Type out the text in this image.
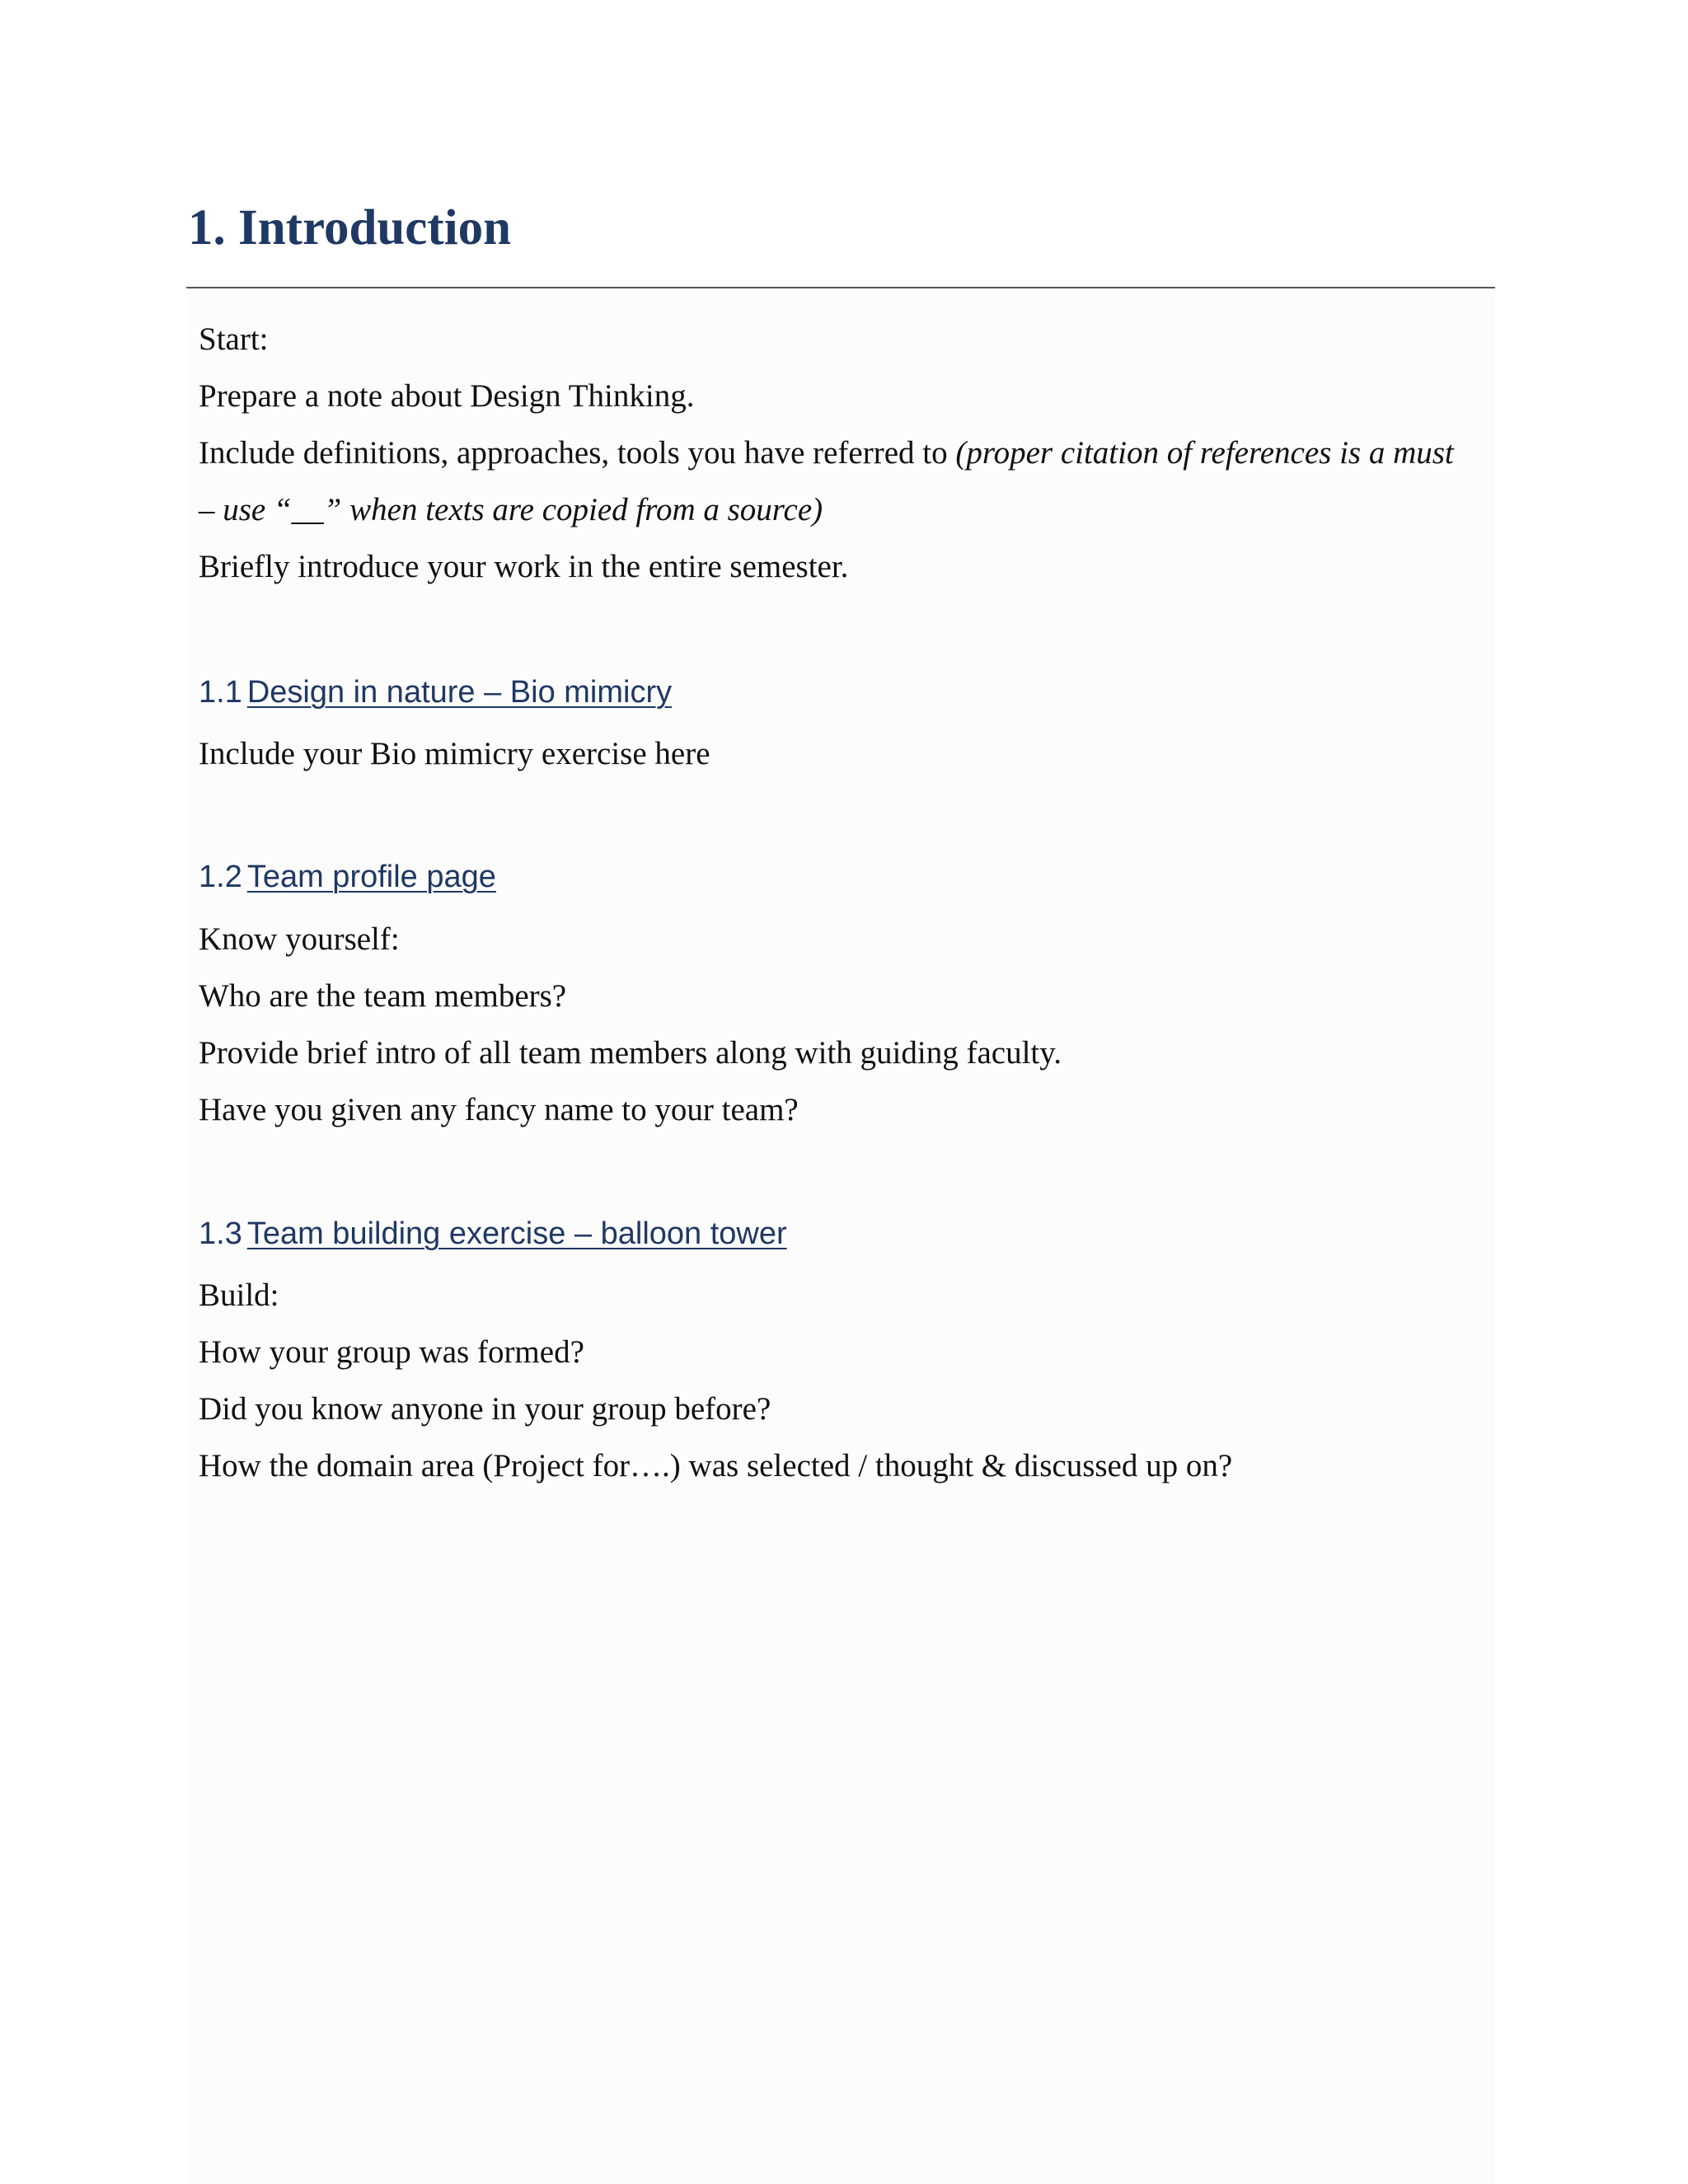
1. Introduction

Start:

Prepare a note about Design Thinking.

Include definitions, approaches, tools you have referred to (proper citation of references is a must

– use “__” when texts are copied from a source)

Briefly introduce your work in the entire semester.

1.1 Design in nature – Bio mimicry

Include your Bio mimicry exercise here

1.2 Team profile page

Know yourself:

Who are the team members?

Provide brief intro of all team members along with guiding faculty.

Have you given any fancy name to your team?

1.3 Team building exercise – balloon tower

Build:

How your group was formed?

Did you know anyone in your group before?

How the domain area (Project for….) was selected / thought & discussed up on?
